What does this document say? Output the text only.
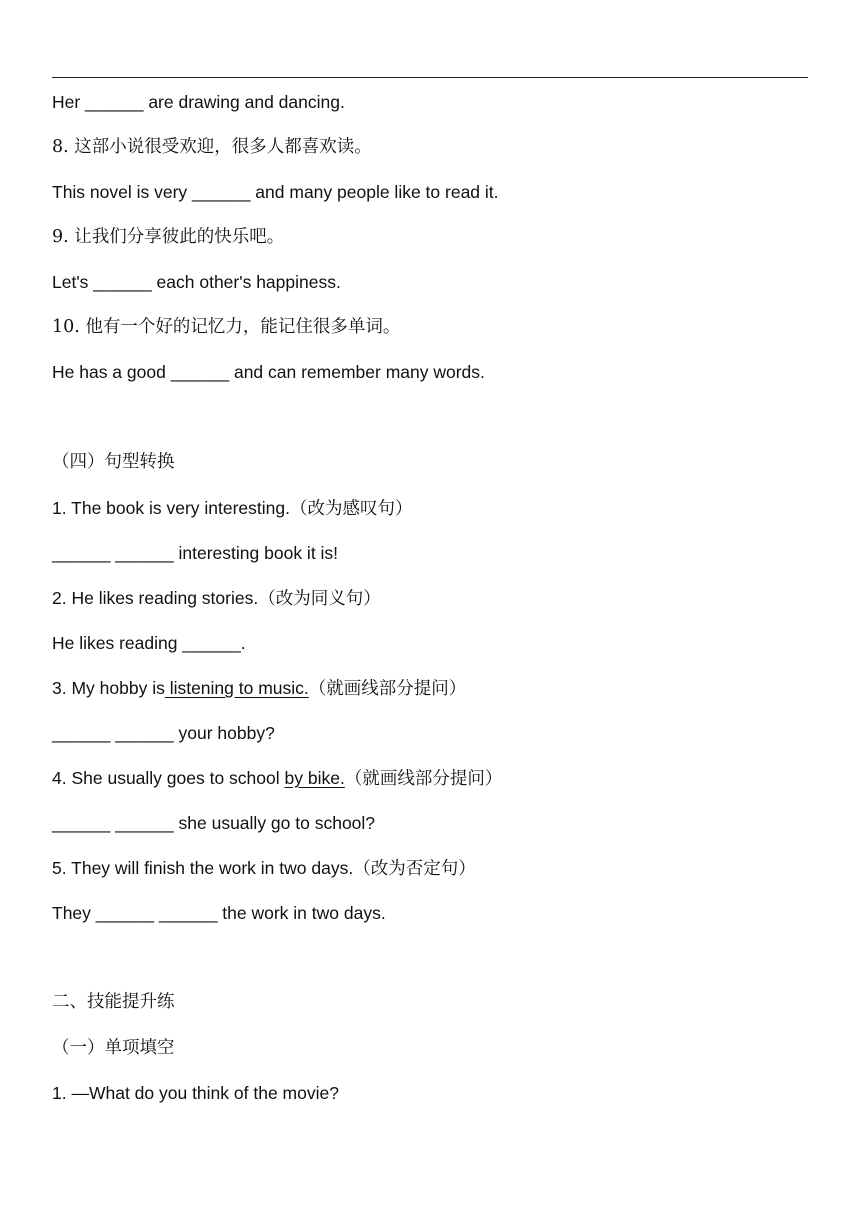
Her ______ are drawing and dancing.
8. 这部小说很受欢迎，很多人都喜欢读。
This novel is very ______ and many people like to read it.
9. 让我们分享彼此的快乐吧。
Let's ______ each other's happiness.
10. 他有一个好的记忆力，能记住很多单词。
He has a good ______ and can remember many words.
（四）句型转换
1. The book is very interesting.（改为感叹句）
______ ______ interesting book it is!
2. He likes reading stories.（改为同义句）
He likes reading ______.
3. My hobby is listening to music.（就画线部分提问）
______ ______ your hobby?
4. She usually goes to school by bike.（就画线部分提问）
______ ______ she usually go to school?
5. They will finish the work in two days.（改为否定句）
They ______ ______ the work in two days.
二、技能提升练
（一）单项填空
1. —What do you think of the movie?
